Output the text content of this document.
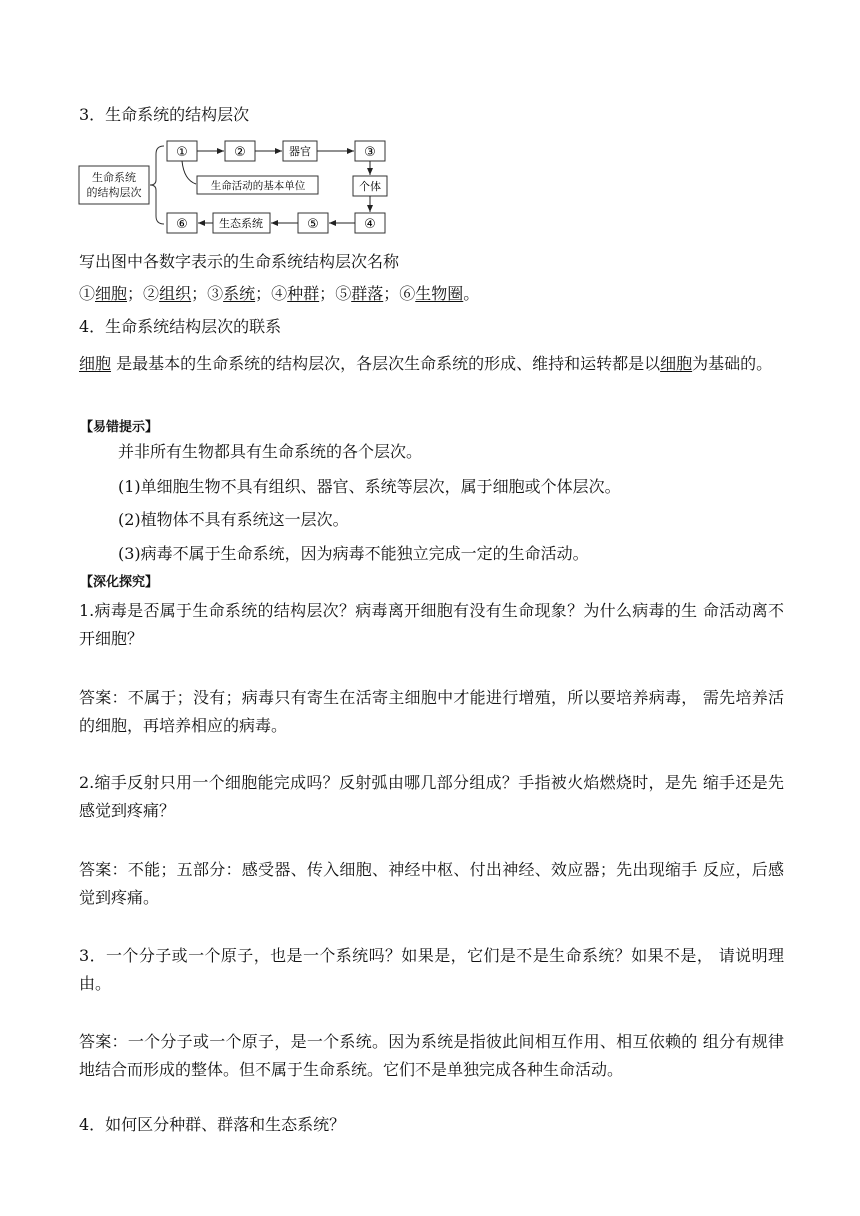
3．生命系统的结构层次
生命系统
的结构层次
①	②	器官	③
个体
生命活动的基本单位
④
⑤
生态系统
⑥
写出图中各数字表示的生命系统结构层次名称
①细胞；②组织；③系统；④种群；⑤群落；⑥生物圈。
4．生命系统结构层次的联系
细胞 是最基本的生命系统的结构层次，各层次生命系统的形成、维持和运转都是以细胞为基础的。
【易错提示】
并非所有生物都具有生命系统的各个层次。
(1)单细胞生物不具有组织、器官、系统等层次，属于细胞或个体层次。
(2)植物体不具有系统这一层次。
(3)病毒不属于生命系统，因为病毒不能独立完成一定的生命活动。
【深化探究】
1.病毒是否属于生命系统的结构层次？病毒离开细胞有没有生命现象？为什么病毒的生 命活动离不开细胞？
答案：不属于；没有；病毒只有寄生在活寄主细胞中才能进行增殖，所以要培养病毒， 需先培养活的细胞，再培养相应的病毒。
2.缩手反射只用一个细胞能完成吗？反射弧由哪几部分组成？手指被火焰燃烧时，是先 缩手还是先感觉到疼痛？
答案：不能；五部分：感受器、传入细胞、神经中枢、付出神经、效应器；先出现缩手 反应，后感觉到疼痛。
3．一个分子或一个原子，也是一个系统吗？如果是，它们是不是生命系统？如果不是， 请说明理由。
答案：一个分子或一个原子，是一个系统。因为系统是指彼此间相互作用、相互依赖的 组分有规律地结合而形成的整体。但不属于生命系统。它们不是单独完成各种生命活动。
4．如何区分种群、群落和生态系统？
